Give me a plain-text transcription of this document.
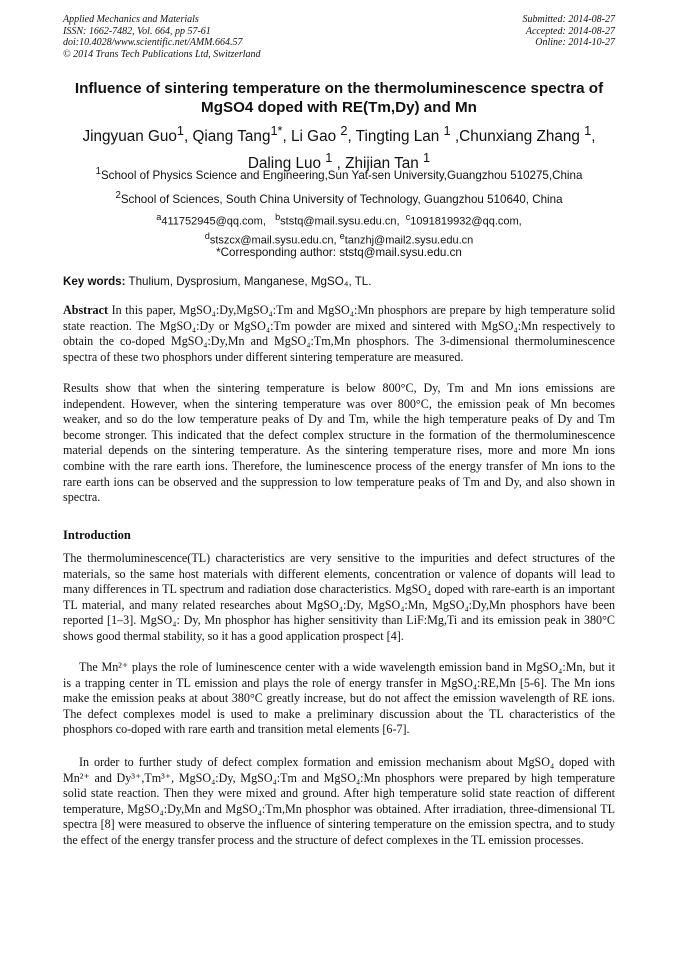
Applied Mechanics and Materials
ISSN: 1662-7482, Vol. 664, pp 57-61
doi:10.4028/www.scientific.net/AMM.664.57
© 2014 Trans Tech Publications Ltd, Switzerland
Submitted: 2014-08-27
Accepted: 2014-08-27
Online: 2014-10-27
Influence of sintering temperature on the thermoluminescence spectra of MgSO4 doped with RE(Tm,Dy) and Mn
Jingyuan Guo$^1$, Qiang Tang$^{1*}$, Li Gao $^2$, Tingting Lan $^1$ ,Chunxiang Zhang $^1$,
Daling Luo $^1$ , Zhijian Tan $^1$
$^1$School of Physics Science and Engineering,Sun Yat-sen University,Guangzhou 510275,China
$^2$School of Sciences, South China University of Technology, Guangzhou 510640, China
$^a$411752945@qq.com, $^b$ststq@mail.sysu.edu.cn, $^c$1091819932@qq.com,
$^d$stszcx@mail.sysu.edu.cn, $^e$tanzhj@mail2.sysu.edu.cn
*Corresponding author: ststq@mail.sysu.edu.cn
Key words: Thulium, Dysprosium, Manganese, MgSO₄, TL.
Abstract In this paper, MgSO₄:Dy,MgSO₄:Tm and MgSO₄:Mn phosphors are prepare by high temperature solid state reaction. The MgSO₄:Dy or MgSO₄:Tm powder are mixed and sintered with MgSO₄:Mn respectively to obtain the co-doped MgSO₄:Dy,Mn and MgSO₄:Tm,Mn phosphors. The 3-dimensional thermoluminescence spectra of these two phosphors under different sintering temperature are measured.

Results show that when the sintering temperature is below 800°C, Dy, Tm and Mn ions emissions are independent. However, when the sintering temperature was over 800°C, the emission peak of Mn becomes weaker, and so do the low temperature peaks of Dy and Tm, while the high temperature peaks of Dy and Tm become stronger. This indicated that the defect complex structure in the formation of the thermoluminescence material depends on the sintering temperature. As the sintering temperature rises, more and more Mn ions combine with the rare earth ions. Therefore, the luminescence process of the energy transfer of Mn ions to the rare earth ions can be observed and the suppression to low temperature peaks of Tm and Dy, and also shown in spectra.

Introduction

The thermoluminescence(TL) characteristics are very sensitive to the impurities and defect structures of the materials, so the same host materials with different elements, concentration or valence of dopants will lead to many differences in TL spectrum and radiation dose characteristics. MgSO₄ doped with rare-earth is an important TL material, and many related researches about MgSO₄:Dy, MgSO₄:Mn, MgSO₄:Dy,Mn phosphors have been reported [1–3]. MgSO₄: Dy, Mn phosphor has higher sensitivity than LiF:Mg,Ti and its emission peak in 380°C shows good thermal stability, so it has a good application prospect [4].

The Mn²⁺ plays the role of luminescence center with a wide wavelength emission band in MgSO₄:Mn, but it is a trapping center in TL emission and plays the role of energy transfer in MgSO₄:RE,Mn [5-6]. The Mn ions make the emission peaks at about 380°C greatly increase, but do not affect the emission wavelength of RE ions. The defect complexes model is used to make a preliminary discussion about the TL characteristics of the phosphors co-doped with rare earth and transition metal elements [6-7].

In order to further study of defect complex formation and emission mechanism about MgSO₄ doped with Mn²⁺ and Dy³⁺,Tm³⁺, MgSO₄:Dy, MgSO₄:Tm and MgSO₄:Mn phosphors were prepared by high temperature solid state reaction. Then they were mixed and ground. After high temperature solid state reaction of different temperature, MgSO₄:Dy,Mn and MgSO₄:Tm,Mn phosphor was obtained. After irradiation, three-dimensional TL spectra [8] were measured to observe the influence of sintering temperature on the emission spectra, and to study the effect of the energy transfer process and the structure of defect complexes in the TL emission processes.
